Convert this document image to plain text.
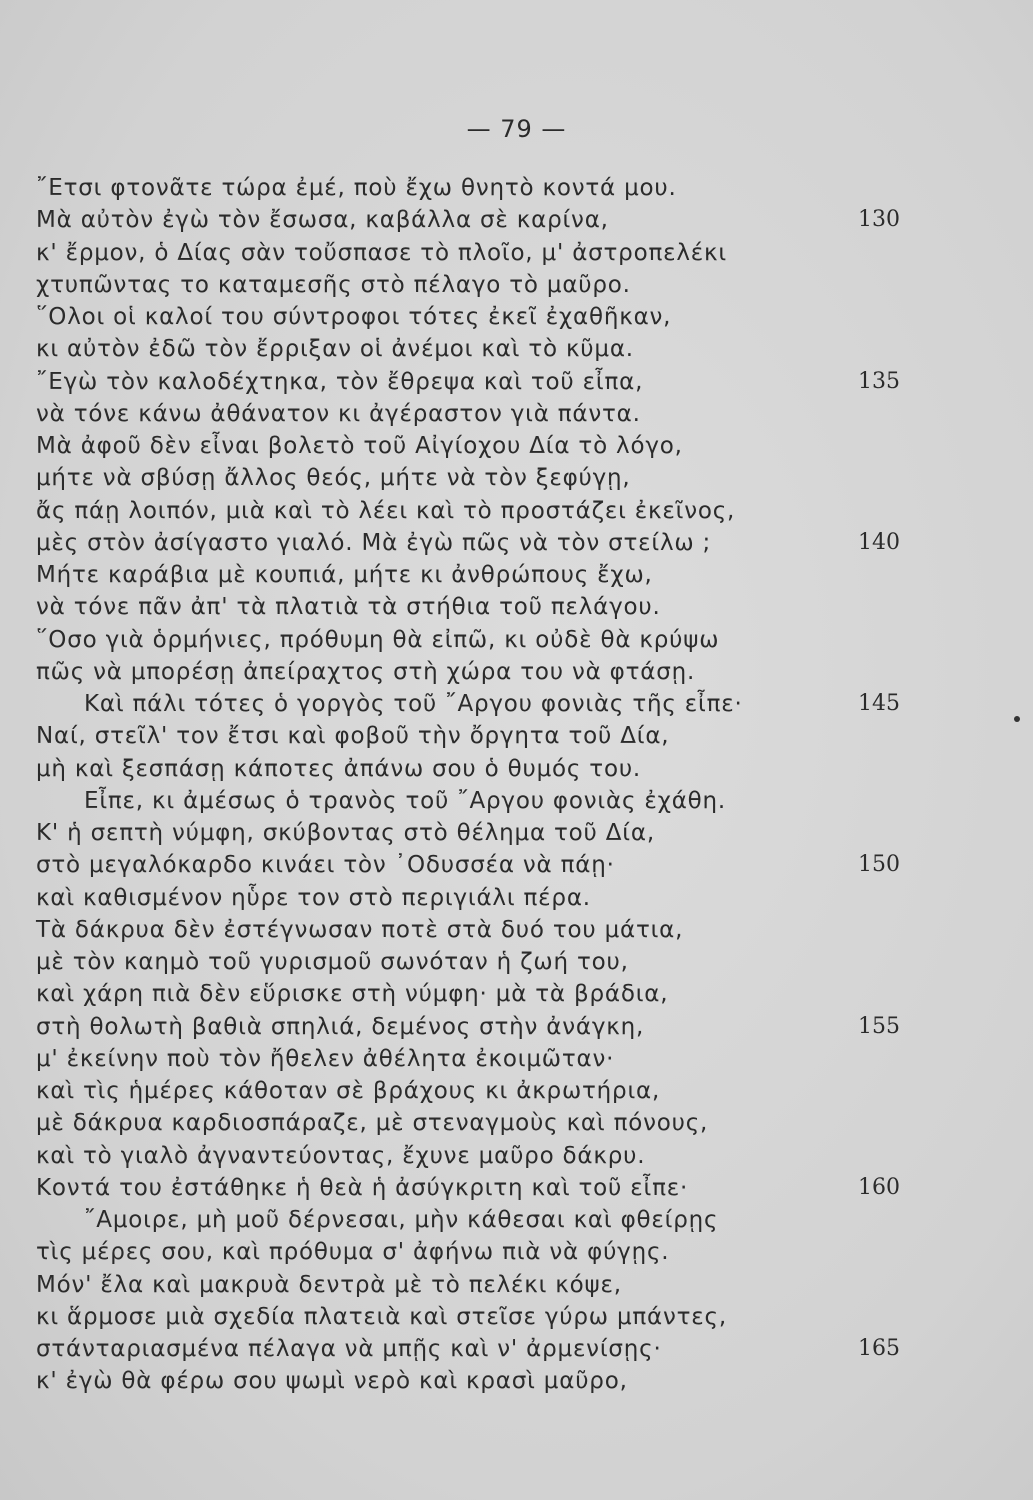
— 79 —
῎Ετσι φτονᾶτε τώρα ἐμέ, ποὺ ἔχω θνητὸ κοντά μου.
Μὰ αὐτὸν ἐγὼ τὸν ἔσωσα, καβάλλα σὲ καρίνα,	130
κ' ἔρμον, ὁ Δίας σὰν τοὔσπασε τὸ πλοῖο, μ' ἀστροπελέκι
χτυπῶντας το καταμεσῆς στὸ πέλαγο τὸ μαῦρο.
῞Ολοι οἱ καλοί του σύντροφοι τότες ἐκεῖ ἐχαθῆκαν,
κι αὐτὸν ἐδῶ τὸν ἔρριξαν οἱ ἀνέμοι καὶ τὸ κῦμα.
῎Εγὼ τὸν καλοδέχτηκα, τὸν ἔθρεψα καὶ τοῦ εἶπα,	135
νὰ τόνε κάνω ἀθάνατον κι ἀγέραστον γιὰ πάντα.
Μὰ ἀφοῦ δὲν εἶναι βολετὸ τοῦ Αἰγίοχου Δία τὸ λόγο,
μήτε νὰ σβύσῃ ἄλλος θεός, μήτε νὰ τὸν ξεφύγῃ,
ἄς πάῃ λοιπόν, μιὰ καὶ τὸ λέει καὶ τὸ προστάζει ἐκεῖνος,
μὲς στὸν ἀσίγαστο γιαλό. Μὰ ἐγὼ πῶς νὰ τὸν στείλω ;	140
Μήτε καράβια μὲ κουπιά, μήτε κι ἀνθρώπους ἔχω,
νὰ τόνε πᾶν ἀπ' τὰ πλατιὰ τὰ στήθια τοῦ πελάγου.
῞Οσο γιὰ ὁρμήνιες, πρόθυμη θὰ εἰπῶ, κι οὐδὲ θὰ κρύψω
πῶς νὰ μπορέσῃ ἀπείραχτος στὴ χώρα του νὰ φτάσῃ.
Καὶ πάλι τότες ὁ γοργὸς τοῦ ῎Αργου φονιὰς τῆς εἶπε·	145
Ναί, στεῖλ' τον ἔτσι καὶ φοβοῦ τὴν ὄργητα τοῦ Δία,
μὴ καὶ ξεσπάσῃ κάποτες ἀπάνω σου ὁ θυμός του.
Εἶπε, κι ἀμέσως ὁ τρανὸς τοῦ ῎Αργου φονιὰς ἐχάθη.
Κ' ἡ σεπτὴ νύμφη, σκύβοντας στὸ θέλημα τοῦ Δία,
στὸ μεγαλόκαρδο κινάει τὸν ᾿Οδυσσέα νὰ πάῃ·	150
καὶ καθισμένον ηὗρε τον στὸ περιγιάλι πέρα.
Τὰ δάκρυα δὲν ἐστέγνωσαν ποτὲ στὰ δυό του μάτια,
μὲ τὸν καημὸ τοῦ γυρισμοῦ σωνόταν ἡ ζωή του,
καὶ χάρη πιὰ δὲν εὕρισκε στὴ νύμφη· μὰ τὰ βράδια,
στὴ θολωτὴ βαθιὰ σπηλιά, δεμένος στὴν ἀνάγκη,	155
μ' ἐκείνην ποὺ τὸν ἤθελεν ἀθέλητα ἐκοιμῶταν·
καὶ τὶς ἡμέρες κάθοταν σὲ βράχους κι ἀκρωτήρια,
μὲ δάκρυα καρδιοσπάραζε, μὲ στεναγμοὺς καὶ πόνους,
καὶ τὸ γιαλὸ ἀγναντεύοντας, ἔχυνε μαῦρο δάκρυ.
Κοντά του ἐστάθηκε ἡ θεὰ ἡ ἀσύγκριτη καὶ τοῦ εἶπε·	160
῎Αμοιρε, μὴ μοῦ δέρνεσαι, μὴν κάθεσαι καὶ φθείρῃς
τὶς μέρες σου, καὶ πρόθυμα σ' ἀφήνω πιὰ νὰ φύγῃς.
Μόν' ἔλα καὶ μακρυὰ δεντρὰ μὲ τὸ πελέκι κόψε,
κι ἅρμοσε μιὰ σχεδία πλατειὰ καὶ στεῖσε γύρω μπάντες,
στάνταριασμένα πέλαγα νὰ μπῇς καὶ ν' ἀρμενίσῃς·	165
κ' ἐγὼ θὰ φέρω σου ψωμὶ νερὸ καὶ κρασὶ μαῦρο,
